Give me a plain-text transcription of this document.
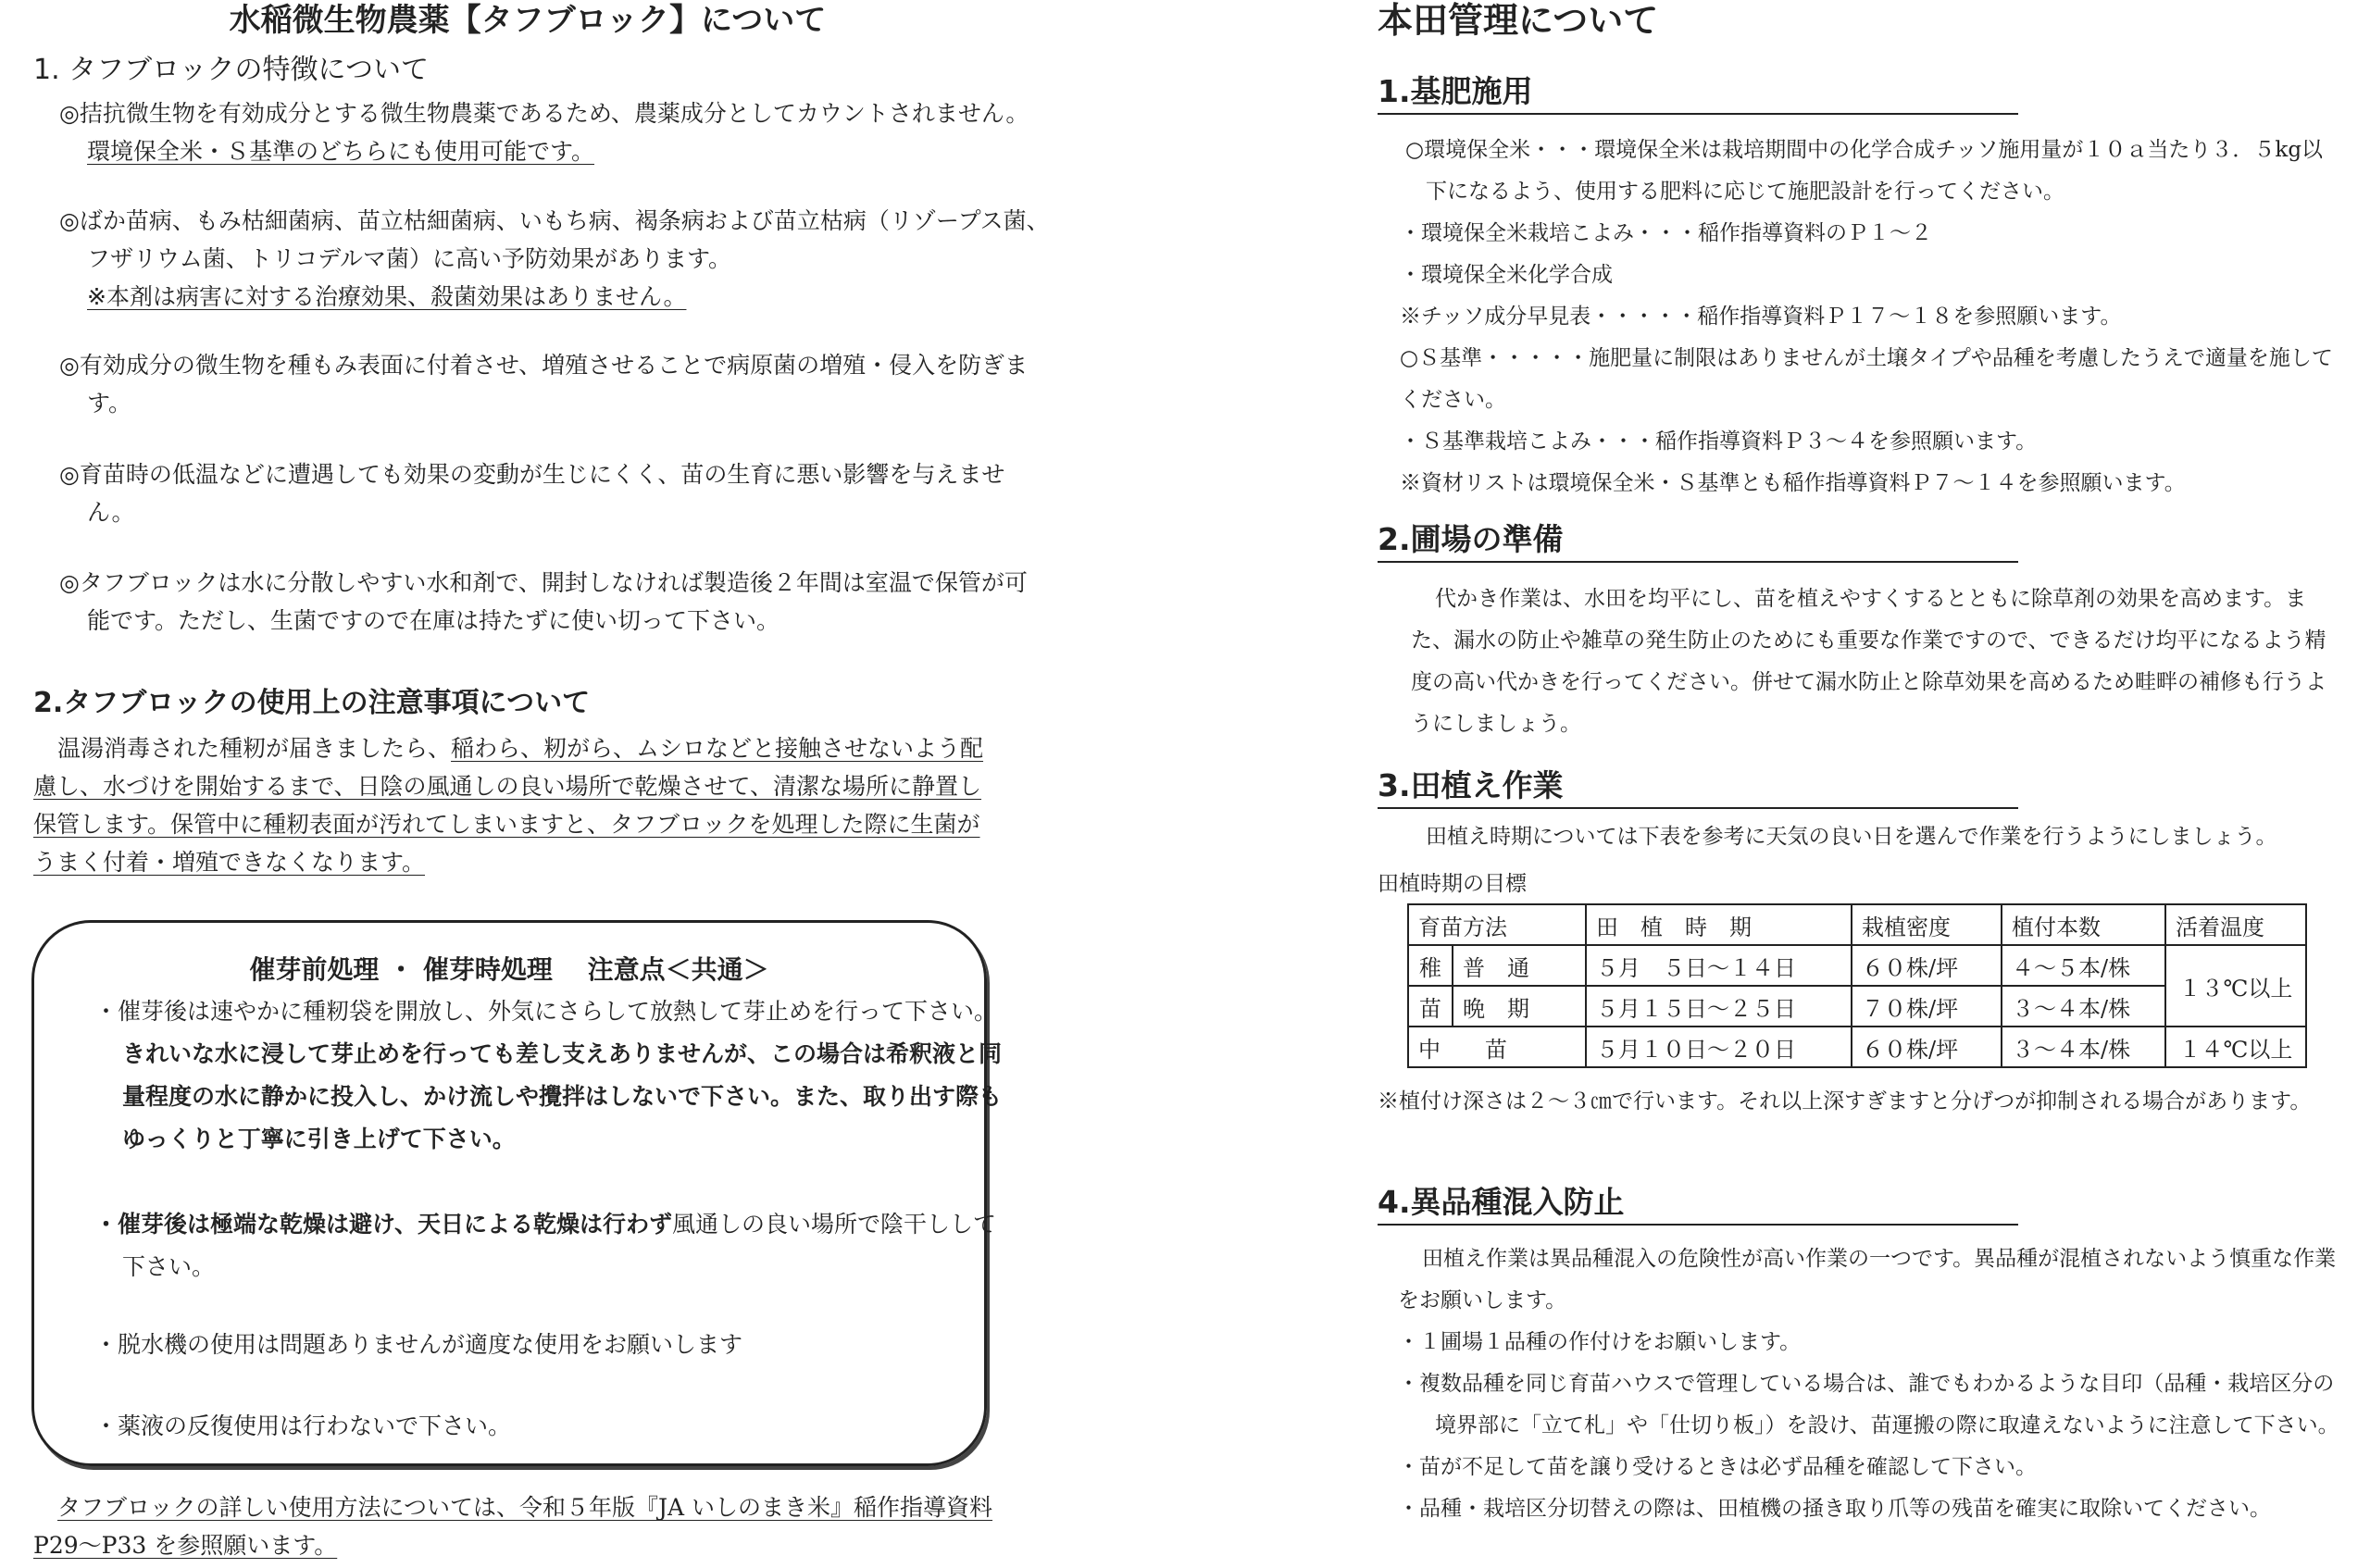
水稲微生物農薬【タフブロック】について
1. タフブロックの特徴について
◎拮抗微生物を有効成分とする微生物農薬であるため、農薬成分としてカウントされません。環境保全米・Ｓ基準のどちらにも使用可能です。
◎ばか苗病、もみ枯細菌病、苗立枯細菌病、いもち病、褐条病および苗立枯病（リゾープス菌、フザリウム菌、トリコデルマ菌）に高い予防効果があります。
※本剤は病害に対する治療効果、殺菌効果はありません。
◎有効成分の微生物を種もみ表面に付着させ、増殖させることで病原菌の増殖・侵入を防ぎます。
◎育苗時の低温などに遭遇しても効果の変動が生じにくく、苗の生育に悪い影響を与えません。
◎タフブロックは水に分散しやすい水和剤で、開封しなければ製造後２年間は室温で保管が可能です。ただし、生菌ですので在庫は持たずに使い切って下さい。
2.タフブロックの使用上の注意事項について
温湯消毒された種籾が届きましたら、稲わら、籾がら、ムシロなどと接触させないよう配慮し、水づけを開始するまで、日陰の風通しの良い場所で乾燥させて、清潔な場所に静置し保管します。保管中に種籾表面が汚れてしまいますと、タフブロックを処理した際に生菌がうまく付着・増殖できなくなります。
催芽前処理 ・ 催芽時処理　 注意点＜共通＞
・催芽後は速やかに種籾袋を開放し、外気にさらして放熱して芽止めを行って下さい。きれいな水に浸して芽止めを行っても差し支えありませんが、この場合は希釈液と同量程度の水に静かに投入し、かけ流しや攪拌はしないで下さい。また、取り出す際もゆっくりと丁寧に引き上げて下さい。
・催芽後は極端な乾燥は避け、天日による乾燥は行わず風通しの良い場所で陰干しして下さい。
・脱水機の使用は問題ありませんが適度な使用をお願いします
・薬液の反復使用は行わないで下さい。
タフブロックの詳しい使用方法については、令和５年版『JA いしのまき米』稲作指導資料 P29～P33 を参照願います。
本田管理について
1.基肥施用
○環境保全米・・・環境保全米は栽培期間中の化学合成チッソ施用量が１０ａ当たり３．５kg以下になるよう、使用する肥料に応じて施肥設計を行ってください。
・環境保全米栽培こよみ・・・稲作指導資料のＰ１～２
・環境保全米化学合成
※チッソ成分早見表・・・・・稲作指導資料Ｐ１７～１８を参照願います。
○Ｓ基準・・・・・施肥量に制限はありませんが土壌タイプや品種を考慮したうえで適量を施してください。
・Ｓ基準栽培こよみ・・・稲作指導資料Ｐ３～４を参照願います。
※資材リストは環境保全米・Ｓ基準とも稲作指導資料Ｐ７～１４を参照願います。
2.圃場の準備
代かき作業は、水田を均平にし、苗を植えやすくするとともに除草剤の効果を高めます。また、漏水の防止や雑草の発生防止のためにも重要な作業ですので、できるだけ均平になるよう精度の高い代かきを行ってください。併せて漏水防止と除草効果を高めるため畦畔の補修も行うようにしましょう。
3.田植え作業
田植え時期については下表を参考に天気の良い日を選んで作業を行うようにしましょう。
田植時期の目標
育苗方法		田　植　時　期	栽植密度	植付本数	活着温度
稚	普　通	５月　５日～１４日	６０株/坪	４～５本/株	１３℃以上
苗	晩　期	５月１５日～２５日	７０株/坪	３～４本/株	
中　　苗		５月１０日～２０日	６０株/坪	３～４本/株	１４℃以上
※植付け深さは２～３㎝で行います。それ以上深すぎますと分げつが抑制される場合があります。
4.異品種混入防止
田植え作業は異品種混入の危険性が高い作業の一つです。異品種が混植されないよう慎重な作業をお願いします。
・１圃場１品種の作付けをお願いします。
・複数品種を同じ育苗ハウスで管理している場合は、誰でもわかるような目印（品種・栽培区分の境界部に「立て札」や「仕切り板」）を設け、苗運搬の際に取違えないように注意して下さい。
・苗が不足して苗を譲り受けるときは必ず品種を確認して下さい。
・品種・栽培区分切替えの際は、田植機の掻き取り爪等の残苗を確実に取除いてください。
